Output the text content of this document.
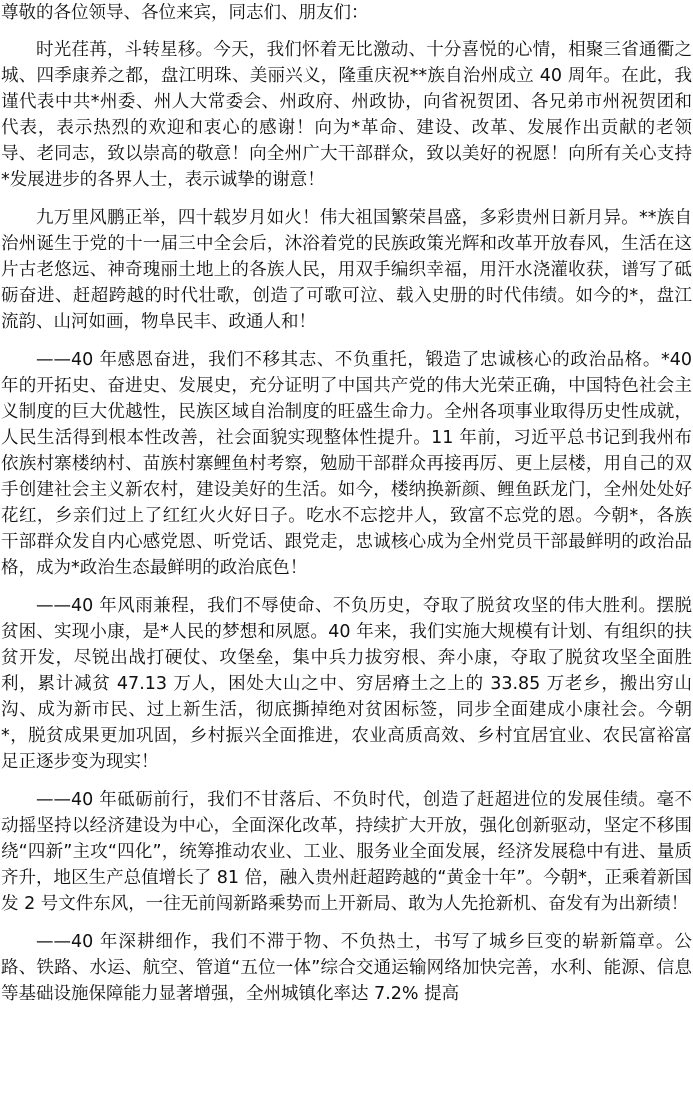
尊敬的各位领导、各位来宾，同志们、朋友们：

时光荏苒，斗转星移。今天，我们怀着无比激动、十分喜悦的心情，相聚三省通衢之城、四季康养之都，盘江明珠、美丽兴义，隆重庆祝**族自治州成立 40 周年。在此，我谨代表中共*州委、州人大常委会、州政府、州政协，向省祝贺团、各兄弟市州祝贺团和代表，表示热烈的欢迎和衷心的感谢！向为*革命、建设、改革、发展作出贡献的老领导、老同志，致以崇高的敬意！向全州广大干部群众，致以美好的祝愿！向所有关心支持*发展进步的各界人士，表示诚挚的谢意！

九万里风鹏正举，四十载岁月如火！伟大祖国繁荣昌盛，多彩贵州日新月异。**族自治州诞生于党的十一届三中全会后，沐浴着党的民族政策光辉和改革开放春风，生活在这片古老悠远、神奇瑰丽土地上的各族人民，用双手编织幸福，用汗水浇灌收获，谱写了砥砺奋进、赶超跨越的时代壮歌，创造了可歌可泣、载入史册的时代伟绩。如今的*，盘江流韵、山河如画，物阜民丰、政通人和！

——40 年感恩奋进，我们不移其志、不负重托，锻造了忠诚核心的政治品格。*40 年的开拓史、奋进史、发展史，充分证明了中国共产党的伟大光荣正确，中国特色社会主义制度的巨大优越性，民族区域自治制度的旺盛生命力。全州各项事业取得历史性成就，人民生活得到根本性改善，社会面貌实现整体性提升。11 年前，习近平总书记到我州布依族村寨楼纳村、苗族村寨鲤鱼村考察，勉励干部群众再接再厉、更上层楼，用自己的双手创建社会主义新农村，建设美好的生活。如今，楼纳换新颜、鲤鱼跃龙门，全州处处好花红，乡亲们过上了红红火火好日子。吃水不忘挖井人，致富不忘党的恩。今朝*，各族干部群众发自内心感党恩、听党话、跟党走，忠诚核心成为全州党员干部最鲜明的政治品格，成为*政治生态最鲜明的政治底色！

——40 年风雨兼程，我们不辱使命、不负历史，夺取了脱贫攻坚的伟大胜利。摆脱贫困、实现小康，是*人民的梦想和夙愿。40 年来，我们实施大规模有计划、有组织的扶贫开发，尽锐出战打硬仗、攻堡垒，集中兵力拔穷根、奔小康，夺取了脱贫攻坚全面胜利，累计减贫 47.13 万人，困处大山之中、穷居瘠土之上的 33.85 万老乡，搬出穷山沟、成为新市民、过上新生活，彻底撕掉绝对贫困标签，同步全面建成小康社会。今朝*，脱贫成果更加巩固，乡村振兴全面推进，农业高质高效、乡村宜居宜业、农民富裕富足正逐步变为现实！

——40 年砥砺前行，我们不甘落后、不负时代，创造了赶超进位的发展佳绩。毫不动摇坚持以经济建设为中心，全面深化改革，持续扩大开放，强化创新驱动，坚定不移围绕“四新”主攻“四化”，统筹推动农业、工业、服务业全面发展，经济发展稳中有进、量质齐升，地区生产总值增长了 81 倍，融入贵州赶超跨越的“黄金十年”。今朝*，正乘着新国发 2 号文件东风，一往无前闯新路乘势而上开新局、敢为人先抢新机、奋发有为出新绩！

——40 年深耕细作，我们不滞于物、不负热土，书写了城乡巨变的崭新篇章。公路、铁路、水运、航空、管道“五位一体”综合交通运输网络加快完善，水利、能源、信息等基础设施保障能力显著增强，全州城镇化率达 7.2% 提高
